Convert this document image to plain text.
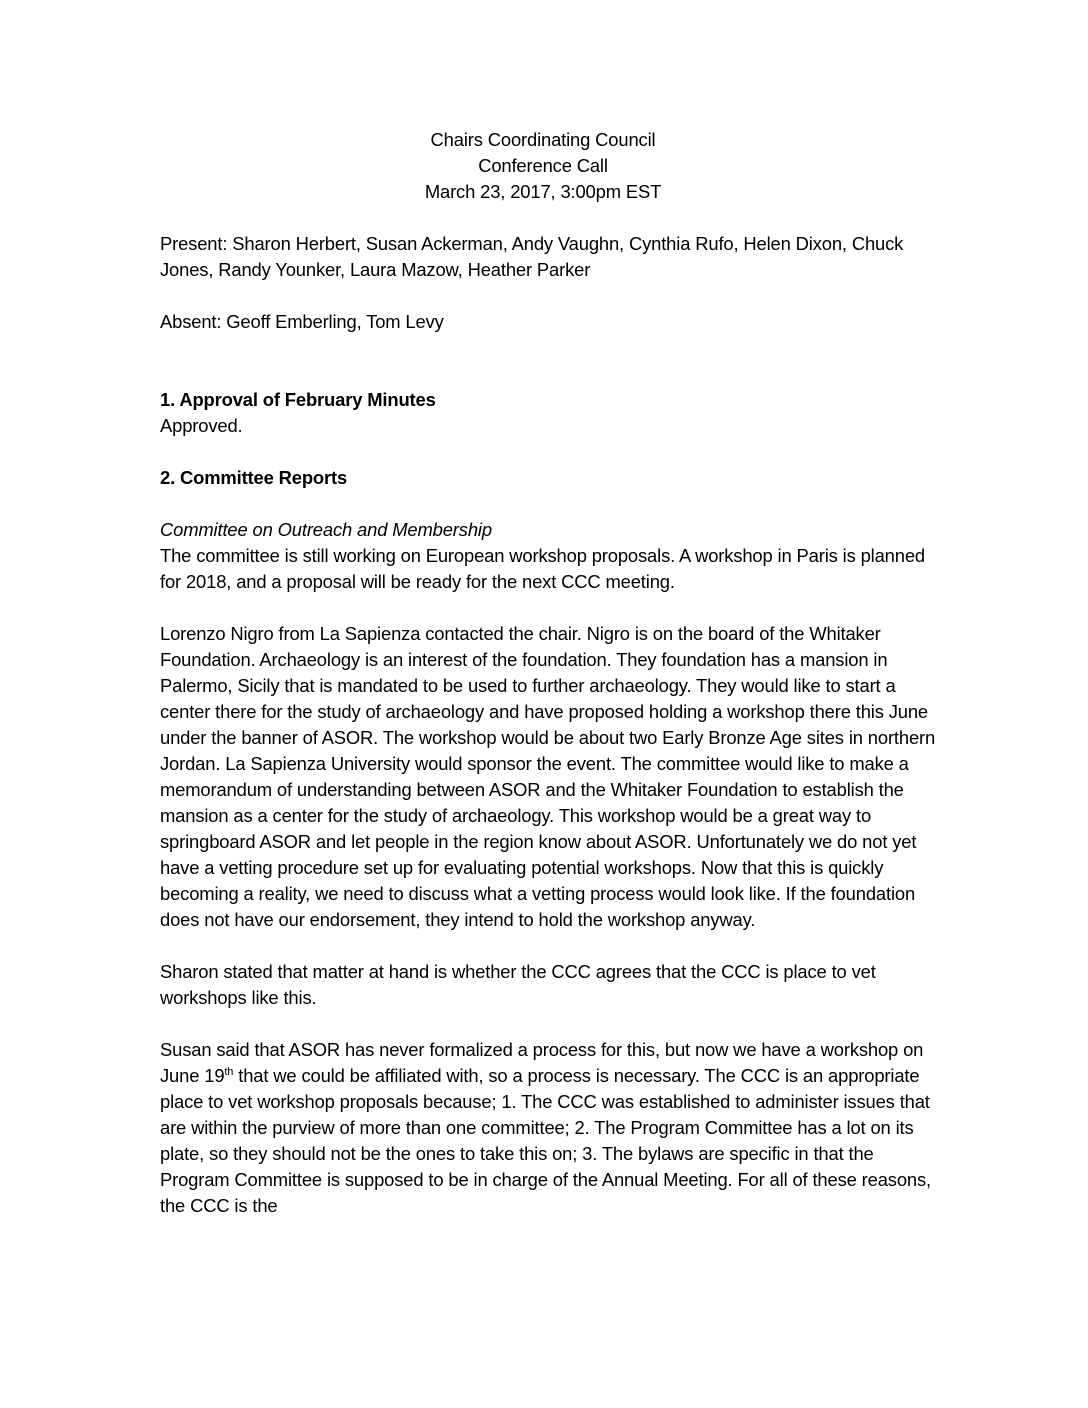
Chairs Coordinating Council
Conference Call
March 23, 2017, 3:00pm EST

Present: Sharon Herbert, Susan Ackerman, Andy Vaughn, Cynthia Rufo, Helen Dixon, Chuck Jones, Randy Younker, Laura Mazow, Heather Parker

Absent: Geoff Emberling, Tom Levy

1. Approval of February Minutes

Approved.

2. Committee Reports

Committee on Outreach and Membership

The committee is still working on European workshop proposals. A workshop in Paris is planned for 2018, and a proposal will be ready for the next CCC meeting.

Lorenzo Nigro from La Sapienza contacted the chair. Nigro is on the board of the Whitaker Foundation. Archaeology is an interest of the foundation. They foundation has a mansion in Palermo, Sicily that is mandated to be used to further archaeology. They would like to start a center there for the study of archaeology and have proposed holding a workshop there this June under the banner of ASOR. The workshop would be about two Early Bronze Age sites in northern Jordan. La Sapienza University would sponsor the event. The committee would like to make a memorandum of understanding between ASOR and the Whitaker Foundation to establish the mansion as a center for the study of archaeology. This workshop would be a great way to springboard ASOR and let people in the region know about ASOR. Unfortunately we do not yet have a vetting procedure set up for evaluating potential workshops. Now that this is quickly becoming a reality, we need to discuss what a vetting process would look like. If the foundation does not have our endorsement, they intend to hold the workshop anyway.

Sharon stated that matter at hand is whether the CCC agrees that the CCC is place to vet workshops like this.

Susan said that ASOR has never formalized a process for this, but now we have a workshop on June 19th that we could be affiliated with, so a process is necessary. The CCC is an appropriate place to vet workshop proposals because; 1. The CCC was established to administer issues that are within the purview of more than one committee; 2. The Program Committee has a lot on its plate, so they should not be the ones to take this on; 3. The bylaws are specific in that the Program Committee is supposed to be in charge of the Annual Meeting. For all of these reasons, the CCC is the
